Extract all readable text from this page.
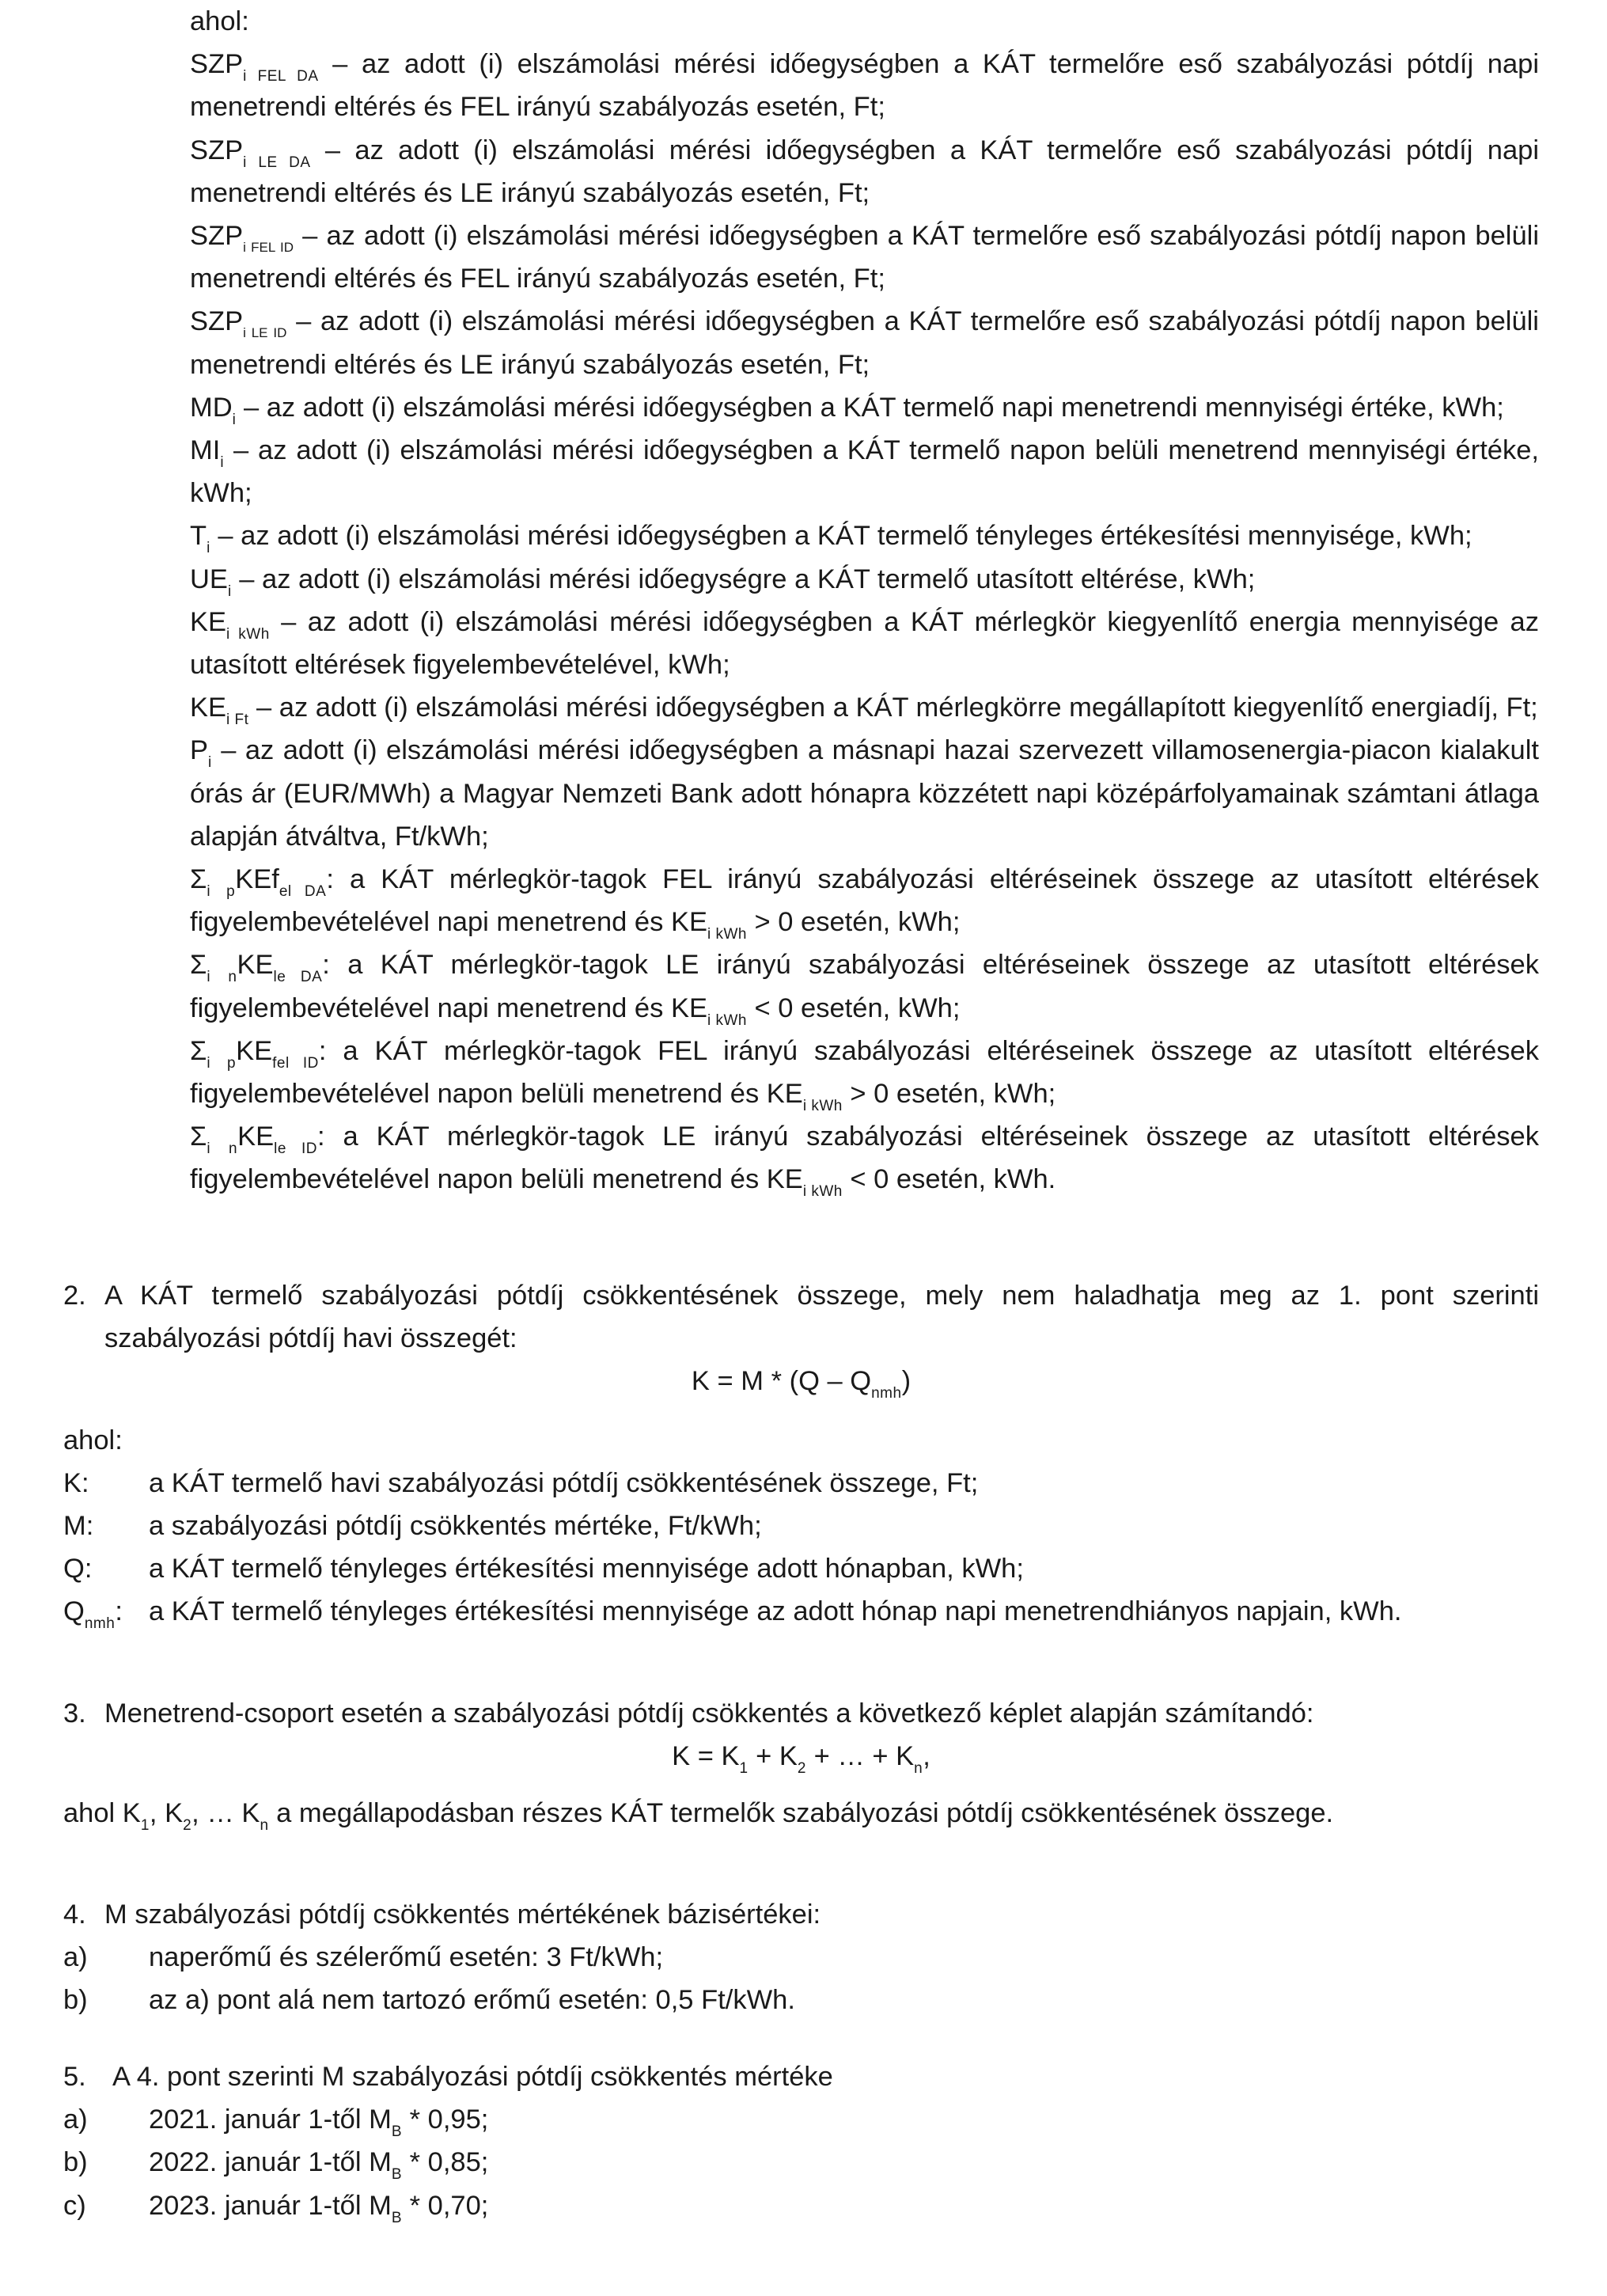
ahol:

$SZP_{i FEL DA}$ – az adott (i) elszámolási mérési időegységben a KÁT termelőre eső szabályozási pótdíj napi menetrendi eltérés és FEL irányú szabályozás esetén, Ft;

$SZP_{i LE DA}$ – az adott (i) elszámolási mérési időegységben a KÁT termelőre eső szabályozási pótdíj napi menetrendi eltérés és LE irányú szabályozás esetén, Ft;

$SZP_{i FEL ID}$ – az adott (i) elszámolási mérési időegységben a KÁT termelőre eső szabályozási pótdíj napon belüli menetrendi eltérés és FEL irányú szabályozás esetén, Ft;

$SZP_{i LE ID}$ – az adott (i) elszámolási mérési időegységben a KÁT termelőre eső szabályozási pótdíj napon belüli menetrendi eltérés és LE irányú szabályozás esetén, Ft;

$MD_i$ – az adott (i) elszámolási mérési időegységben a KÁT termelő napi menetrendi mennyiségi értéke, kWh;

$MI_i$ – az adott (i) elszámolási mérési időegységben a KÁT termelő napon belüli menetrend mennyiségi értéke, kWh;

$T_i$ – az adott (i) elszámolási mérési időegységben a KÁT termelő tényleges értékesítési mennyisége, kWh;

$UE_i$ – az adott (i) elszámolási mérési időegységre a KÁT termelő utasított eltérése, kWh;

$KE_{i kWh}$ – az adott (i) elszámolási mérési időegységben a KÁT mérlegkör kiegyenlítő energia mennyisége az utasított eltérések figyelembevételével, kWh;

$KE_{i Ft}$ – az adott (i) elszámolási mérési időegységben a KÁT mérlegkörre megállapított kiegyenlítő energiadíj, Ft;

$P_i$ – az adott (i) elszámolási mérési időegységben a másnapi hazai szervezett villamosenergia-piacon kialakult órás ár (EUR/MWh) a Magyar Nemzeti Bank adott hónapra közzétett napi középárfolyamainak számtani átlaga alapján átváltva, Ft/kWh;

$\Sigma_i$ $_p$KEf$_{el DA}$: a KÁT mérlegkör-tagok FEL irányú szabályozási eltéréseinek összege az utasított eltérések figyelembevételével napi menetrend és $KE_{i kWh} > 0$ esetén, kWh;

$\Sigma_i$ $_nKE_{le DA}$: a KÁT mérlegkör-tagok LE irányú szabályozási eltéréseinek összege az utasított eltérések figyelembevételével napi menetrend és $KE_{i kWh} < 0$ esetén, kWh;

$\Sigma_i$ $_pKE_{fel ID}$: a KÁT mérlegkör-tagok FEL irányú szabályozási eltéréseinek összege az utasított eltérések figyelembevételével napon belüli menetrend és $KE_{i kWh} > 0$ esetén, kWh;

$\Sigma_i$ $_nKE_{le ID}$: a KÁT mérlegkör-tagok LE irányú szabályozási eltéréseinek összege az utasított eltérések figyelembevételével napon belüli menetrend és $KE_{i kWh} < 0$ esetén, kWh.

2. A KÁT termelő szabályozási pótdíj csökkentésének összege, mely nem haladhatja meg az 1. pont szerinti szabályozási pótdíj havi összegét:

$K = M * (Q - Q_{nmh})$

ahol:

K:	a KÁT termelő havi szabályozási pótdíj csökkentésének összege, Ft;
M:	a szabályozási pótdíj csökkentés mértéke, Ft/kWh;
Q:	a KÁT termelő tényleges értékesítési mennyisége adott hónapban, kWh;
$Q_{nmh}$: a KÁT termelő tényleges értékesítési mennyisége az adott hónap napi menetrendhiányos napjain, kWh.
3. Menetrend-csoport esetén a szabályozási pótdíj csökkentés a következő képlet alapján számítandó:

$K = K_1 + K_2$ + … + $K_n$,

ahol $K_1$, $K_2$, … $K_n$ a megállapodásban részes KÁT termelők szabályozási pótdíj csökkentésének összege.

4. M szabályozási pótdíj csökkentés mértékének bázisértékei:
a)	naperőmű és szélerőmű esetén: 3 Ft/kWh;
b)	az a) pont alá nem tartozó erőmű esetén: 0,5 Ft/kWh.
5. A 4. pont szerinti M szabályozási pótdíj csökkentés mértéke
a)	2021. január 1-től $M_B * 0,95$;
b)	2022. január 1-től $M_B * 0,85$;
c)	2023. január 1-től $M_B * 0,70$;
